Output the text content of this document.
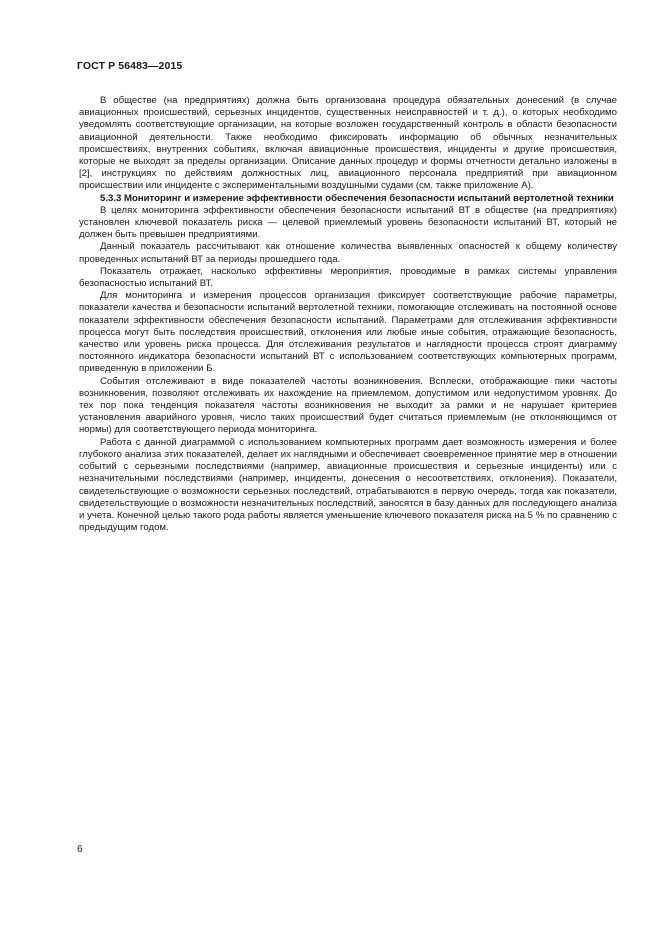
ГОСТ Р 56483—2015

В обществе (на предприятиях) должна быть организована процедура обязательных донесений (в случае авиационных происшествий, серьезных инцидентов, существенных неисправностей и т. д.), о которых необходимо уведомлять соответствующие организации, на которые возложен государственный контроль в области безопасности авиационной деятельности. Также необходимо фиксировать информацию об обычных незначительных происшествиях, внутренних событиях, включая авиационные происшествия, инциденты и другие происшествия, которые не выходят за пределы организации. Описание данных процедур и формы отчетности детально изложены в [2], инструкциях по действиям должностных лиц, авиационного персонала предприятий при авиационном происшествии или инциденте с экспериментальными воздушными судами (см. также приложение А).

5.3.3 Мониторинг и измерение эффективности обеспечения безопасности испытаний вертолетной техники

В целях мониторинга эффективности обеспечения безопасности испытаний ВТ в обществе (на предприятиях) установлен ключевой показатель риска — целевой приемлемый уровень безопасности испытаний ВТ, который не должен быть превышен предприятиями.

Данный показатель рассчитывают как отношение количества выявленных опасностей к общему количеству проведенных испытаний ВТ за периоды прошедшего года.

Показатель отражает, насколько эффективны мероприятия, проводимые в рамках системы управления безопасностью испытаний ВТ.

Для мониторинга и измерения процессов организация фиксирует соответствующие рабочие параметры, показатели качества и безопасности испытаний вертолетной техники, помогающие отслеживать на постоянной основе показатели эффективности обеспечения безопасности испытаний. Параметрами для отслеживания эффективности процесса могут быть последствия происшествий, отклонения или любые иные события, отражающие безопасность, качество или уровень риска процесса. Для отслеживания результатов и наглядности процесса строят диаграмму постоянного индикатора безопасности испытаний ВТ с использованием соответствующих компьютерных программ, приведенную в приложении Б.

События отслеживают в виде показателей частоты возникновения. Всплески, отображающие пики частоты возникновения, позволяют отслеживать их нахождение на приемлемом, допустимом или недопустимом уровнях. До тех пор пока тенденция показателя частоты возникновения не выходит за рамки и не нарушает критериев установления аварийного уровня, число таких происшествий будет считаться приемлемым (не отклоняющимся от нормы) для соответствующего периода мониторинга.

Работа с данной диаграммой с использованием компьютерных программ дает возможность измерения и более глубокого анализа этих показателей, делает их наглядными и обеспечивает своевременное принятие мер в отношении событий с серьезными последствиями (например, авиационные происшествия и серьезные инциденты) или с незначительными последствиями (например, инциденты, донесения о несоответствиях, отклонения). Показатели, свидетельствующие о возможности серьезных последствий, отрабатываются в первую очередь, тогда как показатели, свидетельствующие о возможности незначительных последствий, заносятся в базу данных для последующего анализа и учета. Конечной целью такого рода работы является уменьшение ключевого показателя риска на 5 % по сравнению с предыдущим годом.

6
